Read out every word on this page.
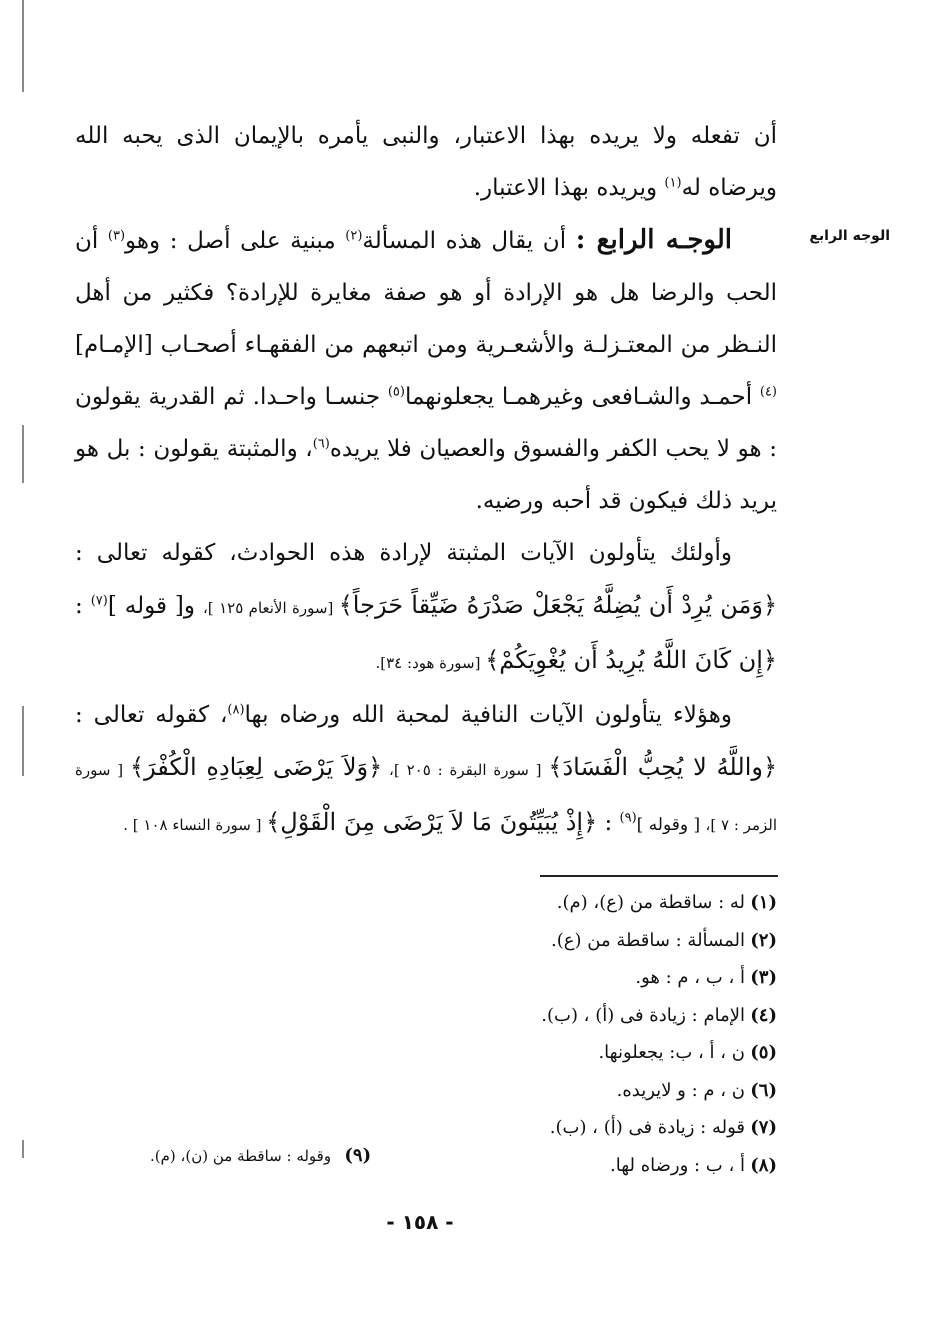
الوجه الرابع

أن تفعله ولا يريده بهذا الاعتبار، والنبى يأمره بالإيمان الذى يحبه الله ويرضاه له$^{(١)}$ ويريده بهذا الاعتبار.

الوجـه الرابع : أن يقال هذه المسألة$^{(٢)}$ مبنية على أصل : وهو$^{(٣)}$ أن الحب والرضا هل هو الإرادة أو هو صفة مغايرة للإرادة؟ فكثير من أهل النـظر من المعتـزلـة والأشعـرية ومن اتبعهم من الفقهـاء أصحـاب [الإمـام]$^{(٤)}$ أحمـد والشـافعى وغيرهمـا يجعلونهما$^{(٥)}$ جنسـا واحـدا. ثم القدرية يقولون : هو لا يحب الكفر والفسوق والعصيان فلا يريده$^{(٦)}$، والمثبتة يقولون : بل هو يريد ذلك فيكون قد أحبه ورضيه.

وأولئك يتأولون الآيات المثبتة لإرادة هذه الحوادث، كقوله تعالى : ﴿وَمَن يُرِدْ أَن يُضِلَّهُ يَجْعَلْ صَدْرَهُ ضَيِّقاً حَرَجاً﴾ [سورة الأنعام ١٢٥ ]، و[ قوله ]$^{(٧)}$ : ﴿إِن كَانَ اللَّهُ يُرِيدُ أَن يُغْوِيَكُمْ﴾ [سورة هود: ٣٤].

وهؤلاء يتأولون الآيات النافية لمحبة الله ورضاه بها$^{(٨)}$، كقوله تعالى : ﴿واللَّهُ لا يُحِبُّ الْفَسَادَ﴾ [ سورة البقرة : ٢٠٥ ]، ﴿وَلاَ يَرْضَى لِعِبَادِهِ الْكُفْرَ﴾ [ سورة الزمر : ٧ ]، [ وقوله ]$^{(٩)}$ : ﴿إِذْ يُبَيِّتُونَ مَا لاَ يَرْضَى مِنَ الْقَوْلِ﴾ [ سورة النساء ١٠٨ ] .

(١)له : ساقطة من (ع)، (م).
(٢)المسألة : ساقطة من (ع).
(٣)أ ، ب ، م : هو.
(٤)الإمام : زيادة فى (أ) ، (ب).
(٥)ن ، أ ، ب: يجعلونها.
(٦)ن ، م : و لايريده.
(٧)قوله : زيادة فى (أ) ، (ب).
(٨)أ ، ب : ورضاه لها.
(٩)وقوله : ساقطة من (ن)، (م).
- ١٥٨ -
